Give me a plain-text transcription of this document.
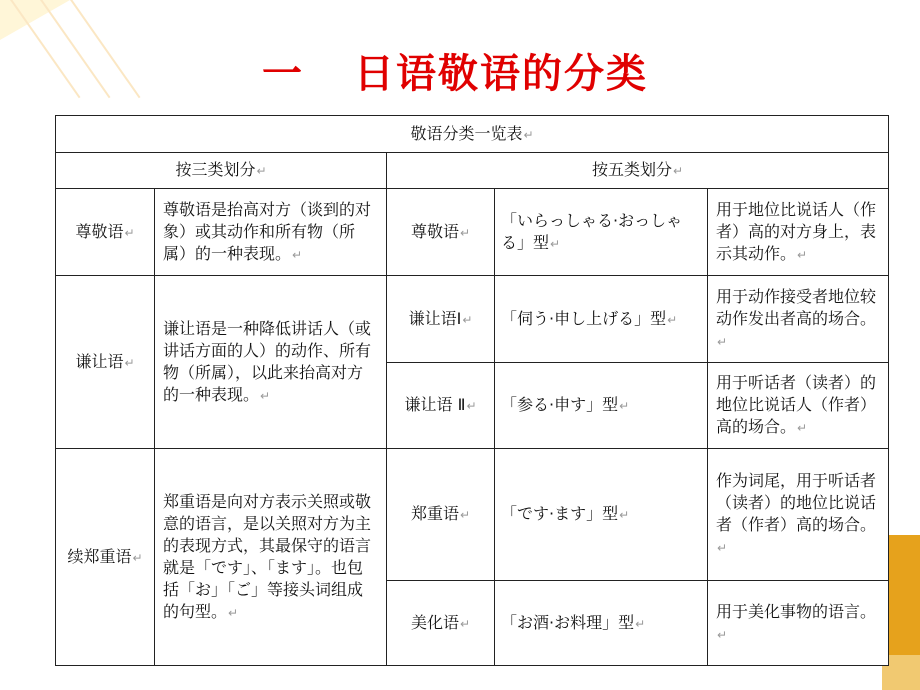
一 日语敬语的分类
敬语分类一览表↵				
按三类划分↵		按五类划分↵		
尊敬语↵	尊敬语是抬高对方（谈到的对象）或其动作和所有物（所属）的一种表现。↵	尊敬语↵	「いらっしゃる·おっしゃる」型↵	用于地位比说话人（作者）高的对方身上，表示其动作。↵
谦让语↵	谦让语是一种降低讲话人（或讲话方面的人）的动作、所有物（所属），以此来抬高对方的一种表现。↵	谦让语Ⅰ↵	「伺う·申し上げる」型↵	用于动作接受者地位较动作发出者高的场合。↵
		谦让语 Ⅱ↵	「参る·申す」型↵	用于听话者（读者）的地位比说话人（作者）高的场合。↵
续郑重语↵	郑重语是向对方表示关照或敬意的语言，是以关照对方为主的表现方式，其最保守的语言就是「です」、「ます」。也包括「お」「ご」等接头词组成的句型。↵	郑重语↵	「です·ます」型↵	作为词尾，用于听话者（读者）的地位比说话者（作者）高的场合。↵
		美化语↵	「お酒·お料理」型↵	用于美化事物的语言。↵
